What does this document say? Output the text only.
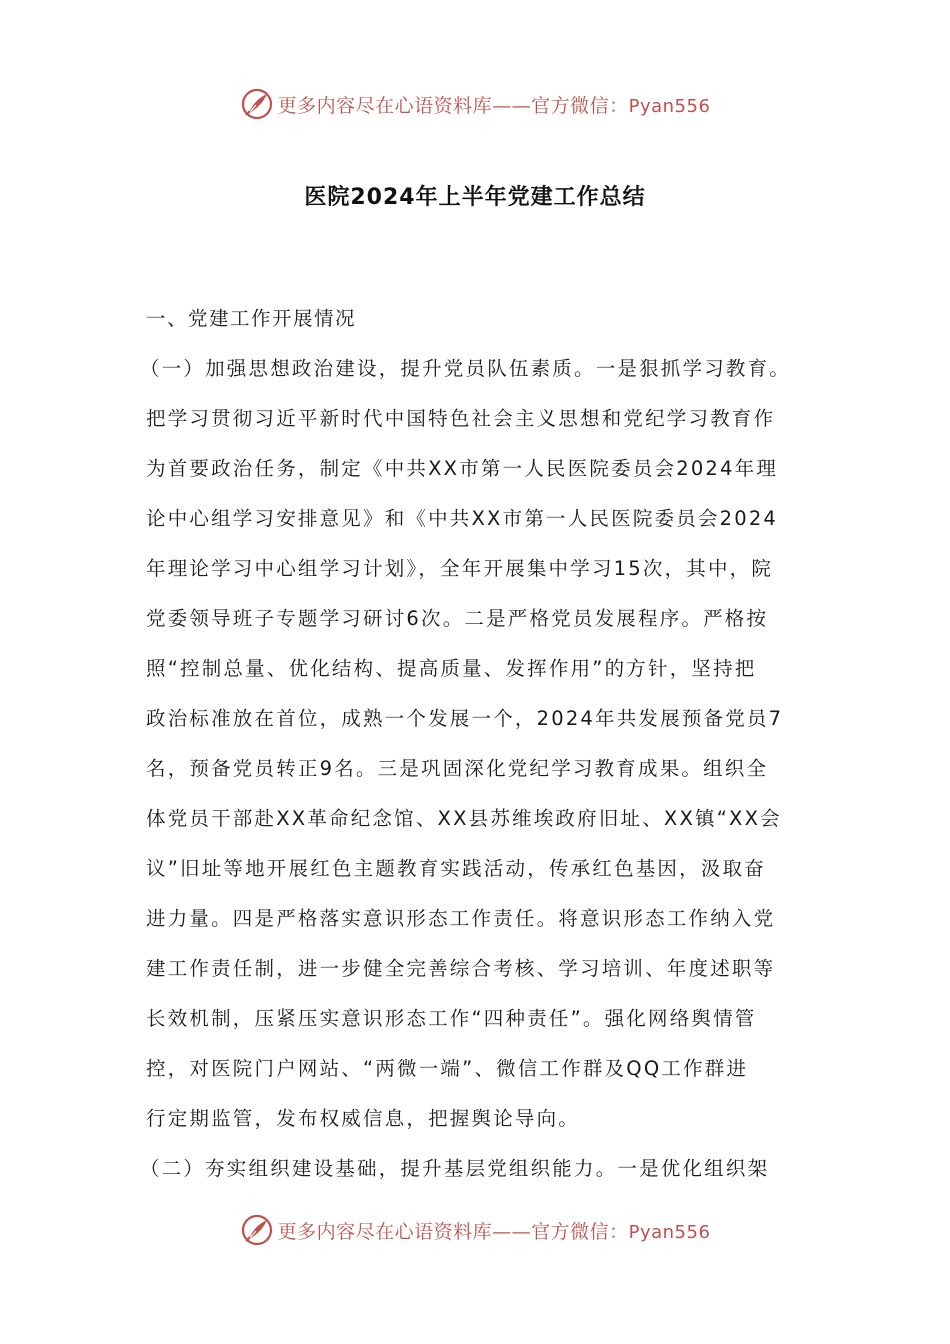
更多内容尽在心语资料库——官方微信：Pyan556
医院2024年上半年党建工作总结
一、党建工作开展情况
（一）加强思想政治建设，提升党员队伍素质。一是狠抓学习教育。
把学习贯彻习近平新时代中国特色社会主义思想和党纪学习教育作
为首要政治任务，制定《中共XX市第一人民医院委员会2024年理
论中心组学习安排意见》和《中共XX市第一人民医院委员会2024
年理论学习中心组学习计划》，全年开展集中学习15次，其中，院
党委领导班子专题学习研讨6次。二是严格党员发展程序。严格按
照“控制总量、优化结构、提高质量、发挥作用”的方针，坚持把
政治标准放在首位，成熟一个发展一个，2024年共发展预备党员7
名，预备党员转正9名。三是巩固深化党纪学习教育成果。组织全
体党员干部赴XX革命纪念馆、XX县苏维埃政府旧址、XX镇“XX会
议”旧址等地开展红色主题教育实践活动，传承红色基因，汲取奋
进力量。四是严格落实意识形态工作责任。将意识形态工作纳入党
建工作责任制，进一步健全完善综合考核、学习培训、年度述职等
长效机制，压紧压实意识形态工作“四种责任”。强化网络舆情管
控，对医院门户网站、“两微一端”、微信工作群及QQ工作群进
行定期监管，发布权威信息，把握舆论导向。
（二）夯实组织建设基础，提升基层党组织能力。一是优化组织架
更多内容尽在心语资料库——官方微信：Pyan556
